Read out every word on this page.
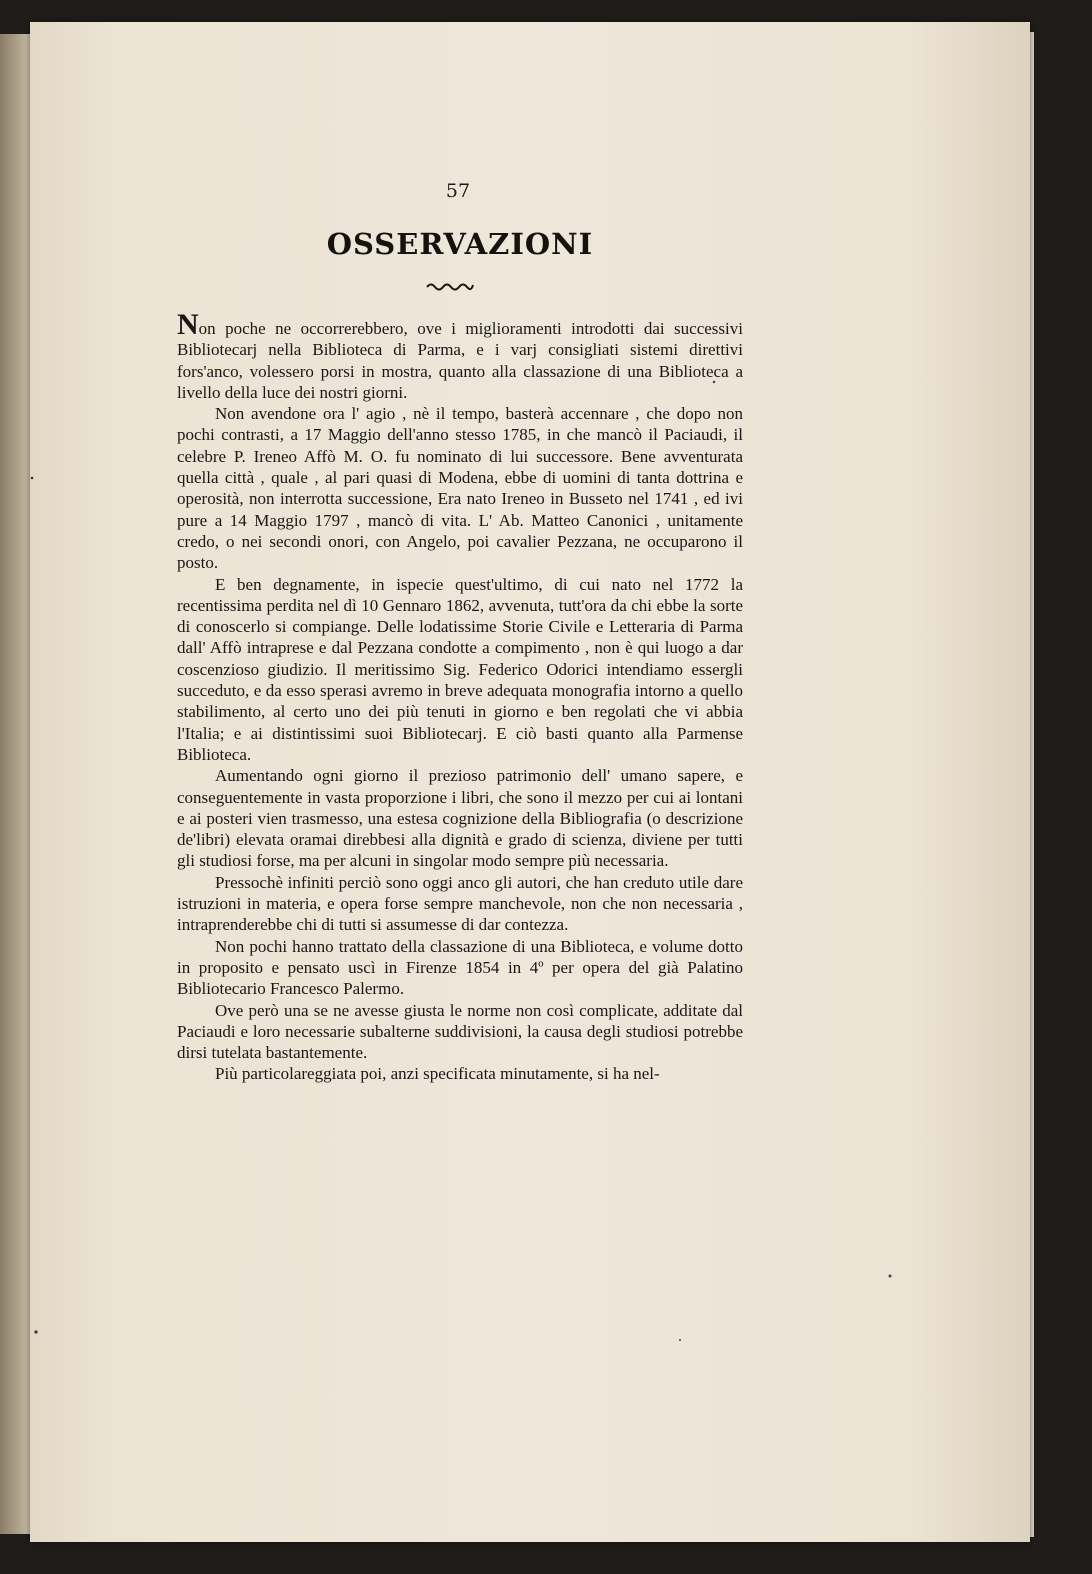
57
OSSERVAZIONI

Non poche ne occorrerebbero, ove i miglioramenti introdotti dai successivi Bibliotecarj nella Biblioteca di Parma, e i varj consigliati sistemi direttivi fors'anco, volessero porsi in mostra, quanto alla classazione di una Biblioteca a livello della luce dei nostri giorni.

Non avendone ora l' agio , nè il tempo, basterà accennare , che dopo non pochi contrasti, a 17 Maggio dell'anno stesso 1785, in che mancò il Paciaudi, il celebre P. Ireneo Affò M. O. fu nominato di lui successore. Bene avventurata quella città , quale , al pari quasi di Modena, ebbe di uomini di tanta dottrina e operosità, non interrotta successione, Era nato Ireneo in Busseto nel 1741 , ed ivi pure a 14 Maggio 1797 , mancò di vita. L' Ab. Matteo Canonici , unitamente credo, o nei secondi onori, con Angelo, poi cavalier Pezzana, ne occuparono il posto.

E ben degnamente, in ispecie quest'ultimo, di cui nato nel 1772 la recentissima perdita nel dì 10 Gennaro 1862, avvenuta, tutt'ora da chi ebbe la sorte di conoscerlo si compiange. Delle lodatissime Storie Civile e Letteraria di Parma dall' Affò intraprese e dal Pezzana condotte a compimento , non è qui luogo a dar coscenzioso giudizio. Il meritissimo Sig. Federico Odorici intendiamo essergli succeduto, e da esso sperasi avremo in breve adequata monografia intorno a quello stabilimento, al certo uno dei più tenuti in giorno e ben regolati che vi abbia l'Italia; e ai distintissimi suoi Bibliotecarj. E ciò basti quanto alla Parmense Biblioteca.

Aumentando ogni giorno il prezioso patrimonio dell' umano sapere, e conseguentemente in vasta proporzione i libri, che sono il mezzo per cui ai lontani e ai posteri vien trasmesso, una estesa cognizione della Bibliografia (o descrizione de'libri) elevata oramai direbbesi alla dignità e grado di scienza, diviene per tutti gli studiosi forse, ma per alcuni in singolar modo sempre più necessaria.

Pressochè infiniti perciò sono oggi anco gli autori, che han creduto utile dare istruzioni in materia, e opera forse sempre manchevole, non che non necessaria , intraprenderebbe chi di tutti si assumesse di dar contezza.

Non pochi hanno trattato della classazione di una Biblioteca, e volume dotto in proposito e pensato uscì in Firenze 1854 in 4º per opera del già Palatino Bibliotecario Francesco Palermo.

Ove però una se ne avesse giusta le norme non così complicate, additate dal Paciaudi e loro necessarie subalterne suddivisioni, la causa degli studiosi potrebbe dirsi tutelata bastantemente.

Più particolareggiata poi, anzi specificata minutamente, si ha nel-
